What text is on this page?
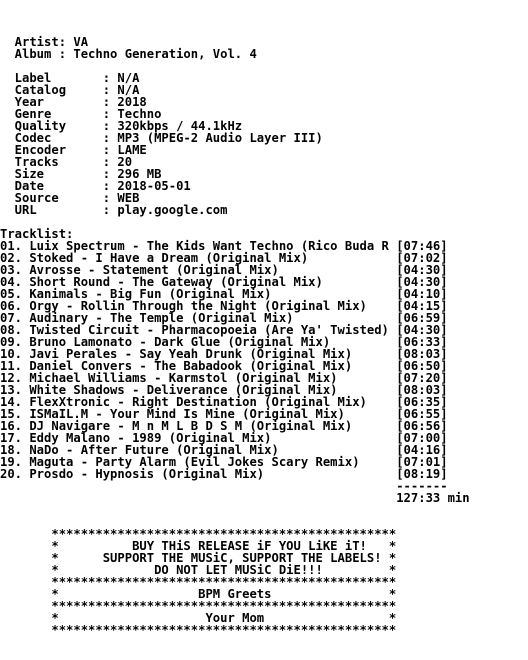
Artist: VA
Album : Techno Generation, Vol. 4
Label       : N/A
Catalog     : N/A
Year        : 2018
Genre       : Techno
Quality     : 320kbps / 44.1kHz
Codec       : MP3 (MPEG-2 Audio Layer III)
Encoder     : LAME
Tracks      : 20
Size        : 296 MB
Date        : 2018-05-01
Source      : WEB
URL         : play.google.com
Tracklist:
01. Luix Spectrum - The Kids Want Techno (Rico Buda R [07:46]
02. Stoked - I Have a Dream (Original Mix)            [07:02]
03. Avrosse - Statement (Original Mix)                [04:30]
04. Short Round - The Gateway (Original Mix)          [04:30]
05. Kanimals - Big Fun (Original Mix)                 [04:10]
06. Orgy - Rollin Through the Night (Original Mix)    [04:15]
07. Audinary - The Temple (Original Mix)              [06:59]
08. Twisted Circuit - Pharmacopoeia (Are Ya' Twisted) [04:30]
09. Bruno Lamonato - Dark Glue (Original Mix)         [06:33]
10. Javi Perales - Say Yeah Drunk (Original Mix)      [08:03]
11. Daniel Convers - The Babadook (Original Mix)      [06:50]
12. Michael Williams - Karmstol (Original Mix)        [07:20]
13. White Shadows - Deliverance (Original Mix)        [08:03]
14. FlexXtronic - Right Destination (Original Mix)    [06:35]
15. ISMaIL.M - Your Mind Is Mine (Original Mix)       [06:55]
16. DJ Navigare - M n M L B D S M (Original Mix)      [06:56]
17. Eddy Malano - 1989 (Original Mix)                 [07:00]
18. NaDo - After Future (Original Mix)                [04:16]
19. Maguta - Party Alarm (Evil Jokes Scary Remix)     [07:01]
20. Prosdo - Hypnosis (Original Mix)                  [08:19]
-------
127:33 min
***********************************************
*          BUY THiS RELEASE iF YOU LiKE iT!   *
*      SUPPORT THE MUSiC, SUPPORT THE LABELS! *
*             DO NOT LET MUSiC DiE!!!         *
***********************************************
*                   BPM Greets                *
***********************************************
*                    Your Mom                 *
***********************************************
